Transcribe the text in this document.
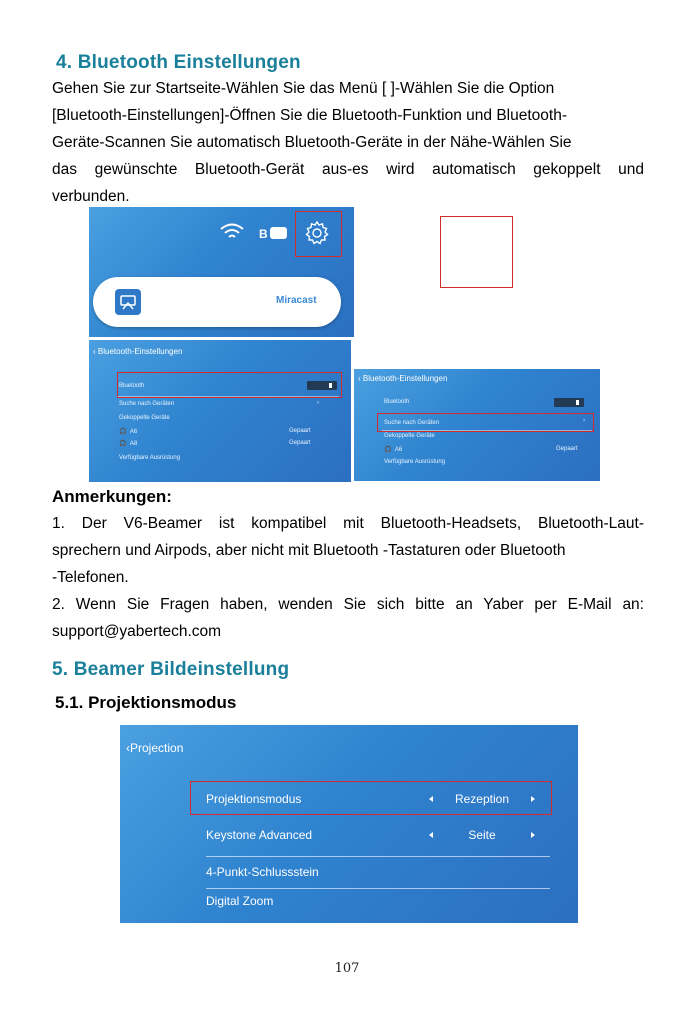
4. Bluetooth Einstellungen
Gehen Sie zur Startseite-Wählen Sie das Menü [ ]-Wählen Sie die Option
[Bluetooth-Einstellungen]-Öffnen Sie die Bluetooth-Funktion und Bluetooth-
Geräte-Scannen Sie automatisch Bluetooth-Geräte in der Nähe-Wählen Sie
das gewünschte Bluetooth-Gerät aus-es wird automatisch gekoppelt und
verbunden.
B
Miracast
‹ Bluetooth-Einstellungen
Bluetooth
Suche nach Geräten	›
Gekoppelte Geräte
🎧 A6	Gepaart
🎧 A8	Gepaart
Verfügbare Ausrüstung
‹ Bluetooth-Einstellungen
Bluetooth
Suche nach Geräten	›
Gekoppelte Geräte
🎧 A6	Gepaart
Verfügbare Ausrüstung
Anmerkungen:
1. Der V6-Beamer ist kompatibel mit Bluetooth-Headsets, Bluetooth-Laut-
sprechern und Airpods, aber nicht mit Bluetooth -Tastaturen oder Bluetooth
-Telefonen.
2. Wenn Sie Fragen haben, wenden Sie sich bitte an Yaber per E-Mail an:
support@yabertech.com
5. Beamer Bildeinstellung
5.1. Projektionsmodus
‹Projection
Projektionsmodus	Rezeption
Keystone Advanced	Seite
4-Punkt-Schlussstein
Digital Zoom
107
